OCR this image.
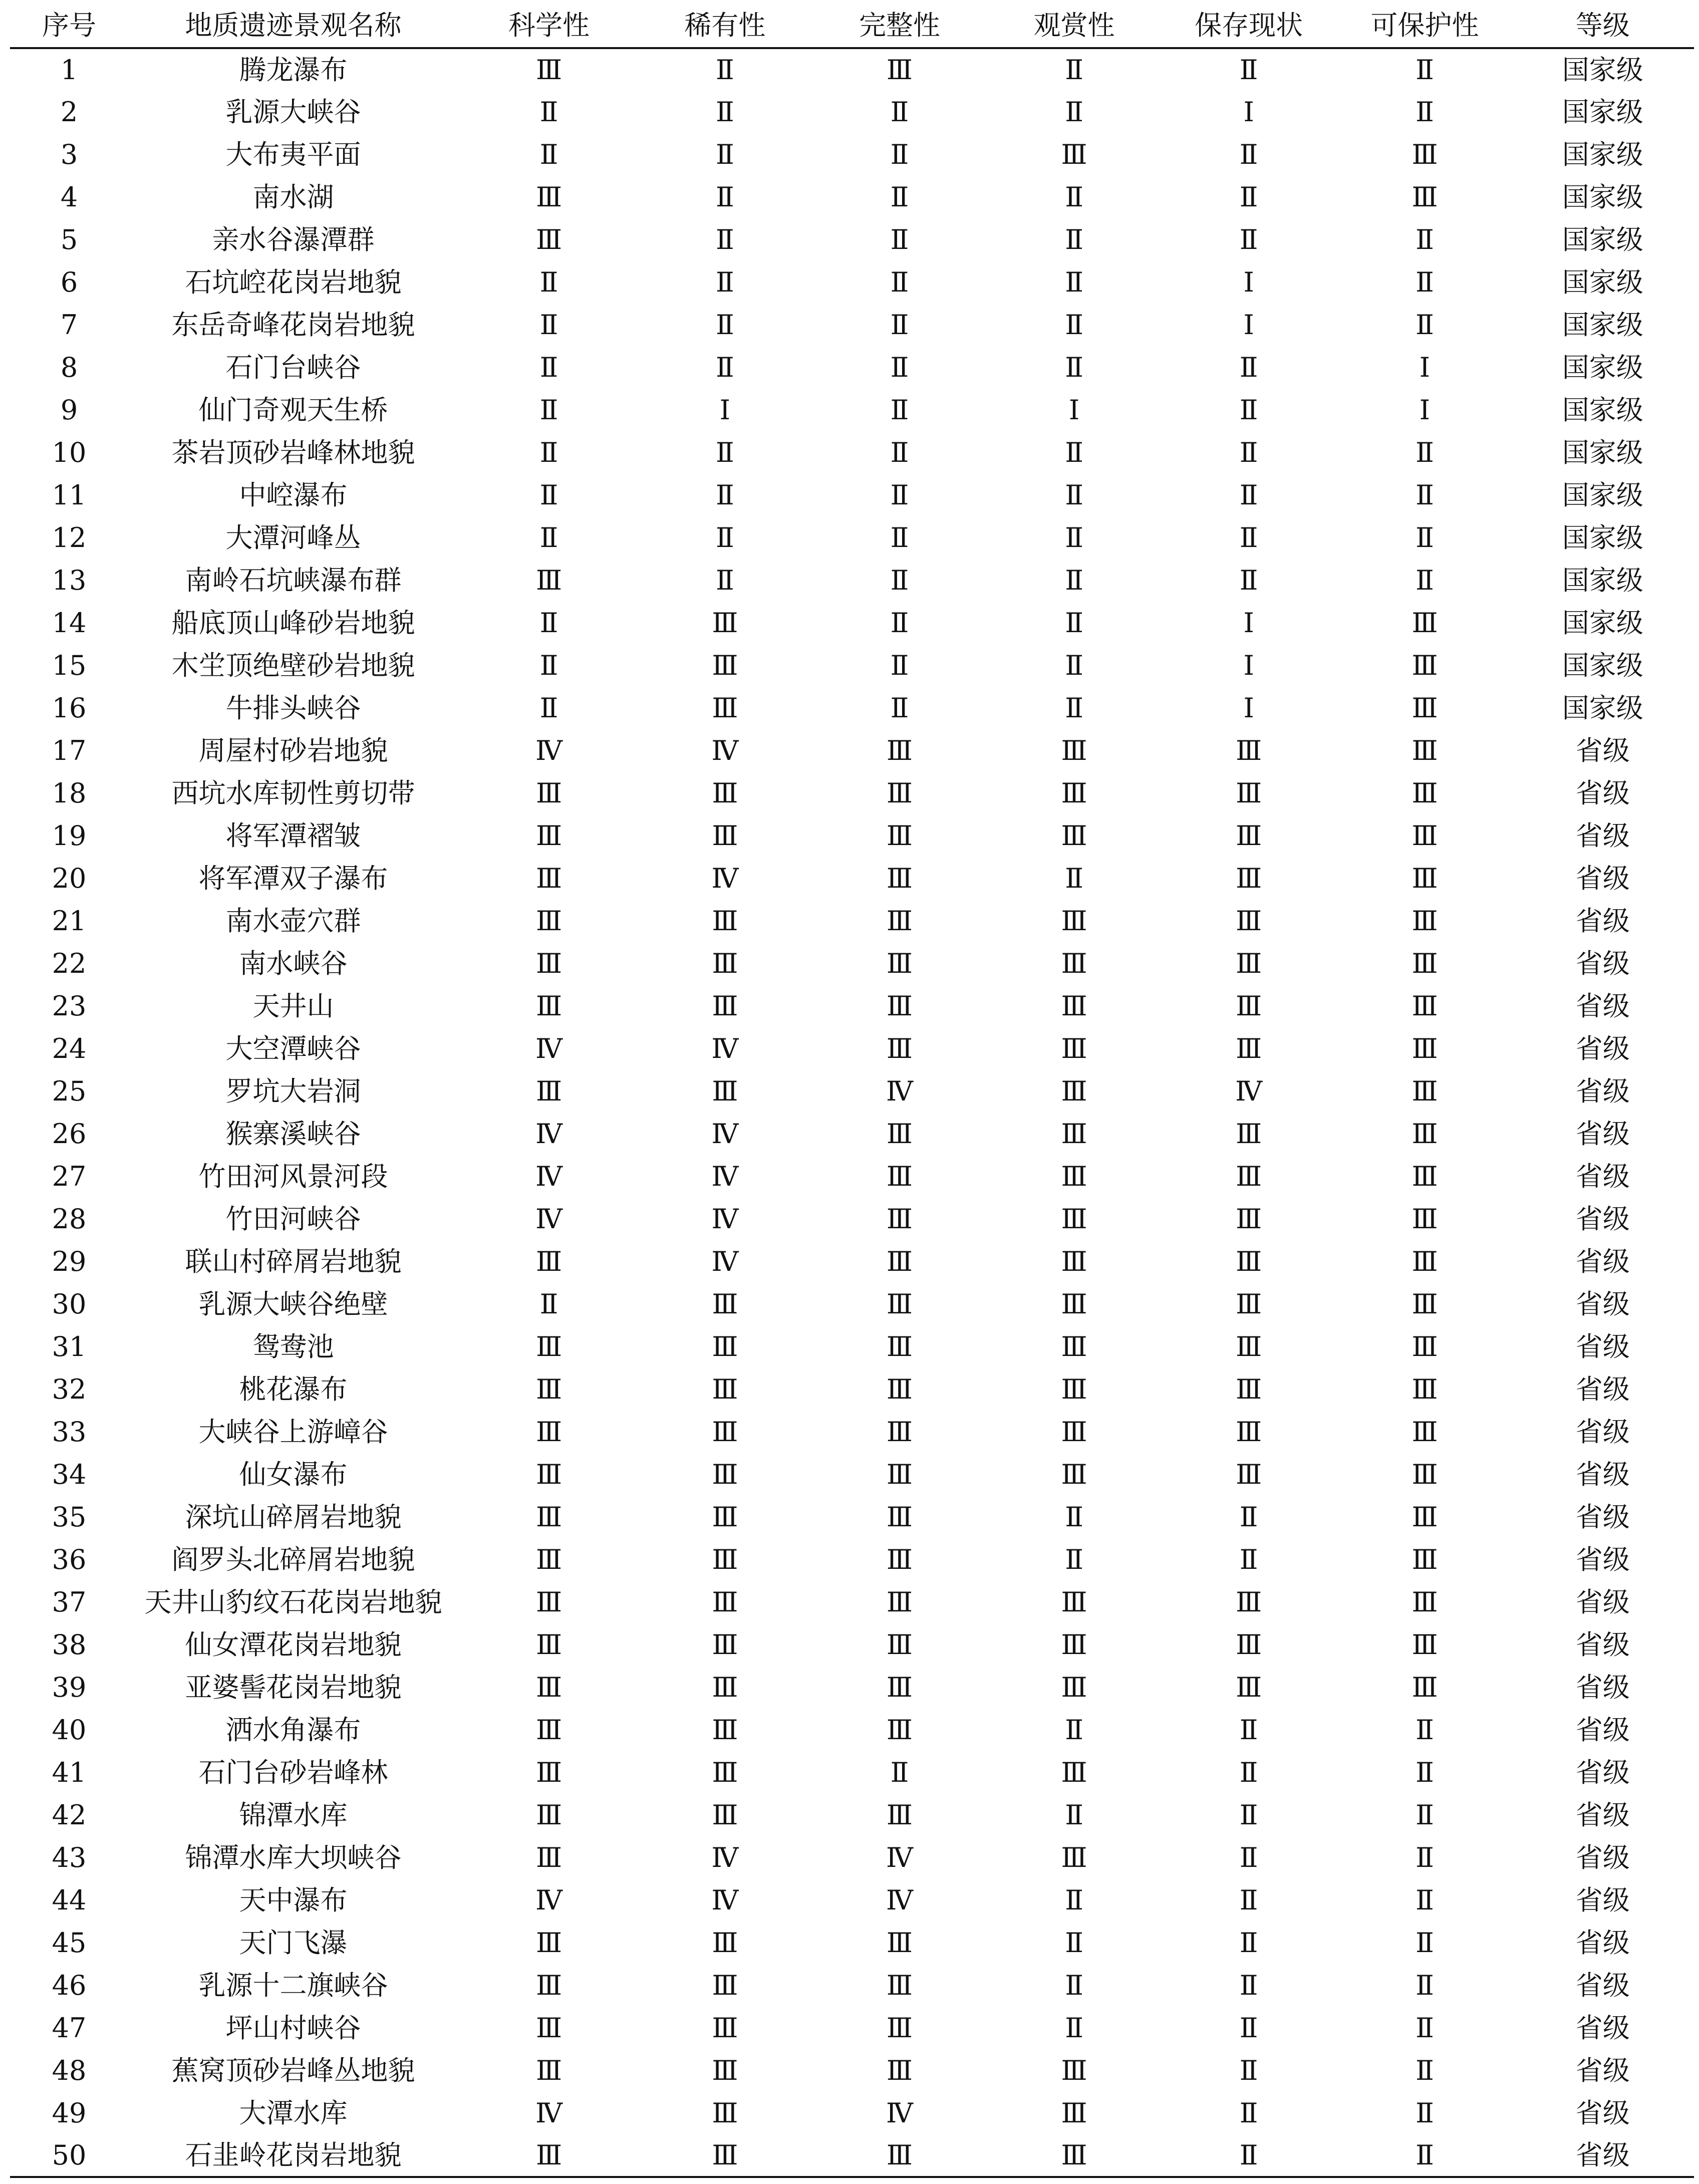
序号	地质遗迹景观名称	科学性	稀有性	完整性	观赏性	保存现状	可保护性	等级
1	腾龙瀑布	Ⅲ	Ⅱ	Ⅲ	Ⅱ	Ⅱ	Ⅱ	国家级
2	乳源大峡谷	Ⅱ	Ⅱ	Ⅱ	Ⅱ	Ⅰ	Ⅱ	国家级
3	大布夷平面	Ⅱ	Ⅱ	Ⅱ	Ⅲ	Ⅱ	Ⅲ	国家级
4	南水湖	Ⅲ	Ⅱ	Ⅱ	Ⅱ	Ⅱ	Ⅲ	国家级
5	亲水谷瀑潭群	Ⅲ	Ⅱ	Ⅱ	Ⅱ	Ⅱ	Ⅱ	国家级
6	石坑崆花岗岩地貌	Ⅱ	Ⅱ	Ⅱ	Ⅱ	Ⅰ	Ⅱ	国家级
7	东岳奇峰花岗岩地貌	Ⅱ	Ⅱ	Ⅱ	Ⅱ	Ⅰ	Ⅱ	国家级
8	石门台峡谷	Ⅱ	Ⅱ	Ⅱ	Ⅱ	Ⅱ	Ⅰ	国家级
9	仙门奇观天生桥	Ⅱ	Ⅰ	Ⅱ	Ⅰ	Ⅱ	Ⅰ	国家级
10	茶岩顶砂岩峰林地貌	Ⅱ	Ⅱ	Ⅱ	Ⅱ	Ⅱ	Ⅱ	国家级
11	中崆瀑布	Ⅱ	Ⅱ	Ⅱ	Ⅱ	Ⅱ	Ⅱ	国家级
12	大潭河峰丛	Ⅱ	Ⅱ	Ⅱ	Ⅱ	Ⅱ	Ⅱ	国家级
13	南岭石坑峡瀑布群	Ⅲ	Ⅱ	Ⅱ	Ⅱ	Ⅱ	Ⅱ	国家级
14	船底顶山峰砂岩地貌	Ⅱ	Ⅲ	Ⅱ	Ⅱ	Ⅰ	Ⅲ	国家级
15	木坣顶绝壁砂岩地貌	Ⅱ	Ⅲ	Ⅱ	Ⅱ	Ⅰ	Ⅲ	国家级
16	牛排头峡谷	Ⅱ	Ⅲ	Ⅱ	Ⅱ	Ⅰ	Ⅲ	国家级
17	周屋村砂岩地貌	Ⅳ	Ⅳ	Ⅲ	Ⅲ	Ⅲ	Ⅲ	省级
18	西坑水库韧性剪切带	Ⅲ	Ⅲ	Ⅲ	Ⅲ	Ⅲ	Ⅲ	省级
19	将军潭褶皱	Ⅲ	Ⅲ	Ⅲ	Ⅲ	Ⅲ	Ⅲ	省级
20	将军潭双子瀑布	Ⅲ	Ⅳ	Ⅲ	Ⅱ	Ⅲ	Ⅲ	省级
21	南水壶穴群	Ⅲ	Ⅲ	Ⅲ	Ⅲ	Ⅲ	Ⅲ	省级
22	南水峡谷	Ⅲ	Ⅲ	Ⅲ	Ⅲ	Ⅲ	Ⅲ	省级
23	天井山	Ⅲ	Ⅲ	Ⅲ	Ⅲ	Ⅲ	Ⅲ	省级
24	大空潭峡谷	Ⅳ	Ⅳ	Ⅲ	Ⅲ	Ⅲ	Ⅲ	省级
25	罗坑大岩洞	Ⅲ	Ⅲ	Ⅳ	Ⅲ	Ⅳ	Ⅲ	省级
26	猴寨溪峡谷	Ⅳ	Ⅳ	Ⅲ	Ⅲ	Ⅲ	Ⅲ	省级
27	竹田河风景河段	Ⅳ	Ⅳ	Ⅲ	Ⅲ	Ⅲ	Ⅲ	省级
28	竹田河峡谷	Ⅳ	Ⅳ	Ⅲ	Ⅲ	Ⅲ	Ⅲ	省级
29	联山村碎屑岩地貌	Ⅲ	Ⅳ	Ⅲ	Ⅲ	Ⅲ	Ⅲ	省级
30	乳源大峡谷绝壁	Ⅱ	Ⅲ	Ⅲ	Ⅲ	Ⅲ	Ⅲ	省级
31	鸳鸯池	Ⅲ	Ⅲ	Ⅲ	Ⅲ	Ⅲ	Ⅲ	省级
32	桃花瀑布	Ⅲ	Ⅲ	Ⅲ	Ⅲ	Ⅲ	Ⅲ	省级
33	大峡谷上游嶂谷	Ⅲ	Ⅲ	Ⅲ	Ⅲ	Ⅲ	Ⅲ	省级
34	仙女瀑布	Ⅲ	Ⅲ	Ⅲ	Ⅲ	Ⅲ	Ⅲ	省级
35	深坑山碎屑岩地貌	Ⅲ	Ⅲ	Ⅲ	Ⅱ	Ⅱ	Ⅲ	省级
36	阎罗头北碎屑岩地貌	Ⅲ	Ⅲ	Ⅲ	Ⅱ	Ⅱ	Ⅲ	省级
37	天井山豹纹石花岗岩地貌	Ⅲ	Ⅲ	Ⅲ	Ⅲ	Ⅲ	Ⅲ	省级
38	仙女潭花岗岩地貌	Ⅲ	Ⅲ	Ⅲ	Ⅲ	Ⅲ	Ⅲ	省级
39	亚婆髻花岗岩地貌	Ⅲ	Ⅲ	Ⅲ	Ⅲ	Ⅲ	Ⅲ	省级
40	洒水角瀑布	Ⅲ	Ⅲ	Ⅲ	Ⅱ	Ⅱ	Ⅱ	省级
41	石门台砂岩峰林	Ⅲ	Ⅲ	Ⅱ	Ⅲ	Ⅱ	Ⅱ	省级
42	锦潭水库	Ⅲ	Ⅲ	Ⅲ	Ⅱ	Ⅱ	Ⅱ	省级
43	锦潭水库大坝峡谷	Ⅲ	Ⅳ	Ⅳ	Ⅲ	Ⅱ	Ⅱ	省级
44	天中瀑布	Ⅳ	Ⅳ	Ⅳ	Ⅱ	Ⅱ	Ⅱ	省级
45	天门飞瀑	Ⅲ	Ⅲ	Ⅲ	Ⅱ	Ⅱ	Ⅱ	省级
46	乳源十二旗峡谷	Ⅲ	Ⅲ	Ⅲ	Ⅱ	Ⅱ	Ⅱ	省级
47	坪山村峡谷	Ⅲ	Ⅲ	Ⅲ	Ⅱ	Ⅱ	Ⅱ	省级
48	蕉窝顶砂岩峰丛地貌	Ⅲ	Ⅲ	Ⅲ	Ⅲ	Ⅱ	Ⅱ	省级
49	大潭水库	Ⅳ	Ⅲ	Ⅳ	Ⅲ	Ⅱ	Ⅱ	省级
50	石韭岭花岗岩地貌	Ⅲ	Ⅲ	Ⅲ	Ⅲ	Ⅱ	Ⅱ	省级
